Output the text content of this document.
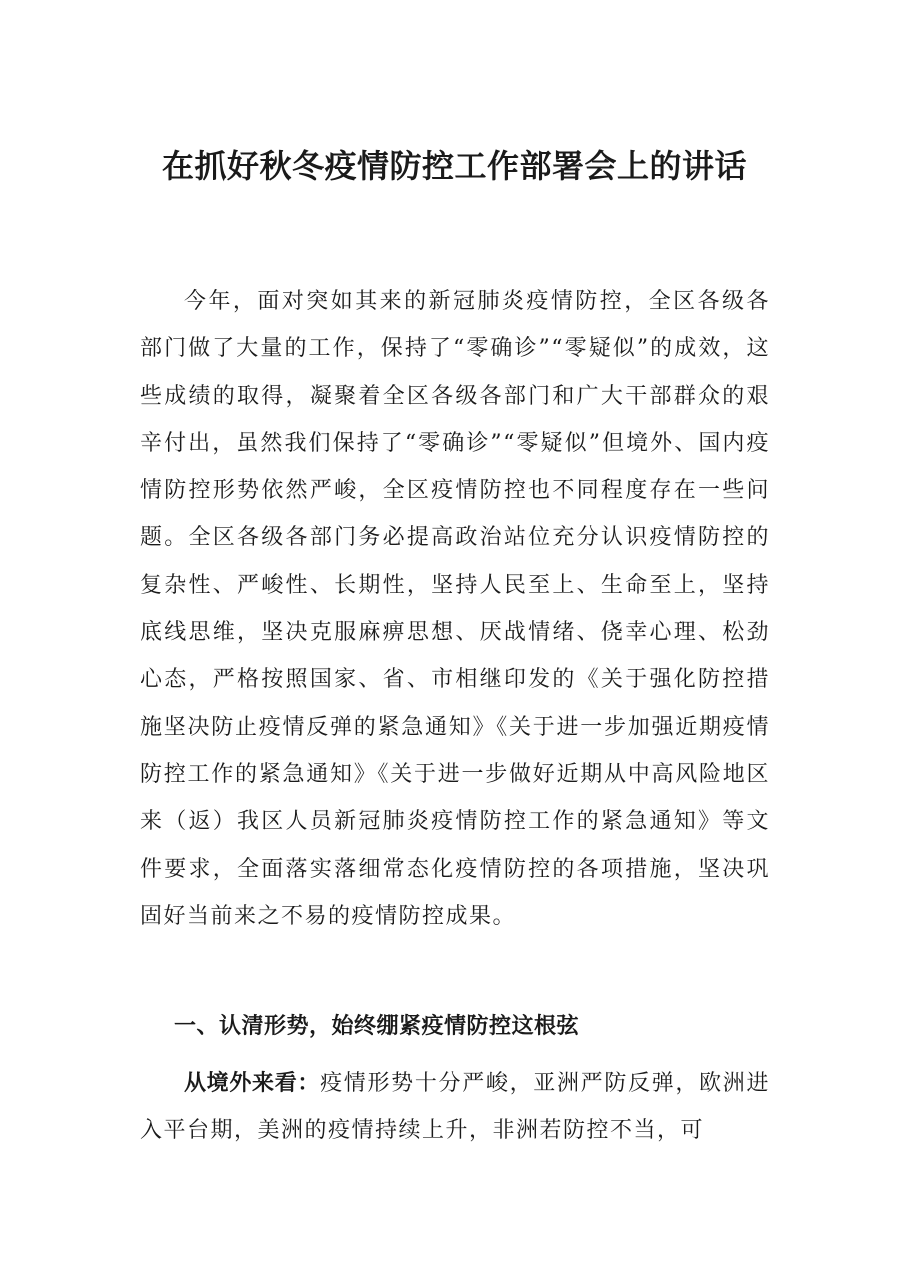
在抓好秋冬疫情防控工作部署会上的讲话

今年，面对突如其来的新冠肺炎疫情防控，全区各级各部门做了大量的工作，保持了“零确诊”“零疑似”的成效，这些成绩的取得，凝聚着全区各级各部门和广大干部群众的艰辛付出，虽然我们保持了“零确诊”“零疑似”但境外、国内疫情防控形势依然严峻，全区疫情防控也不同程度存在一些问题。全区各级各部门务必提高政治站位充分认识疫情防控的复杂性、严峻性、长期性，坚持人民至上、生命至上，坚持底线思维，坚决克服麻痹思想、厌战情绪、侥幸心理、松劲心态，严格按照国家、省、市相继印发的《关于强化防控措施坚决防止疫情反弹的紧急通知》《关于进一步加强近期疫情防控工作的紧急通知》《关于进一步做好近期从中高风险地区来（返）我区人员新冠肺炎疫情防控工作的紧急通知》等文件要求，全面落实落细常态化疫情防控的各项措施，坚决巩固好当前来之不易的疫情防控成果。

一、认清形势，始终绷紧疫情防控这根弦

从境外来看：疫情形势十分严峻，亚洲严防反弹，欧洲进入平台期，美洲的疫情持续上升，非洲若防控不当，可
